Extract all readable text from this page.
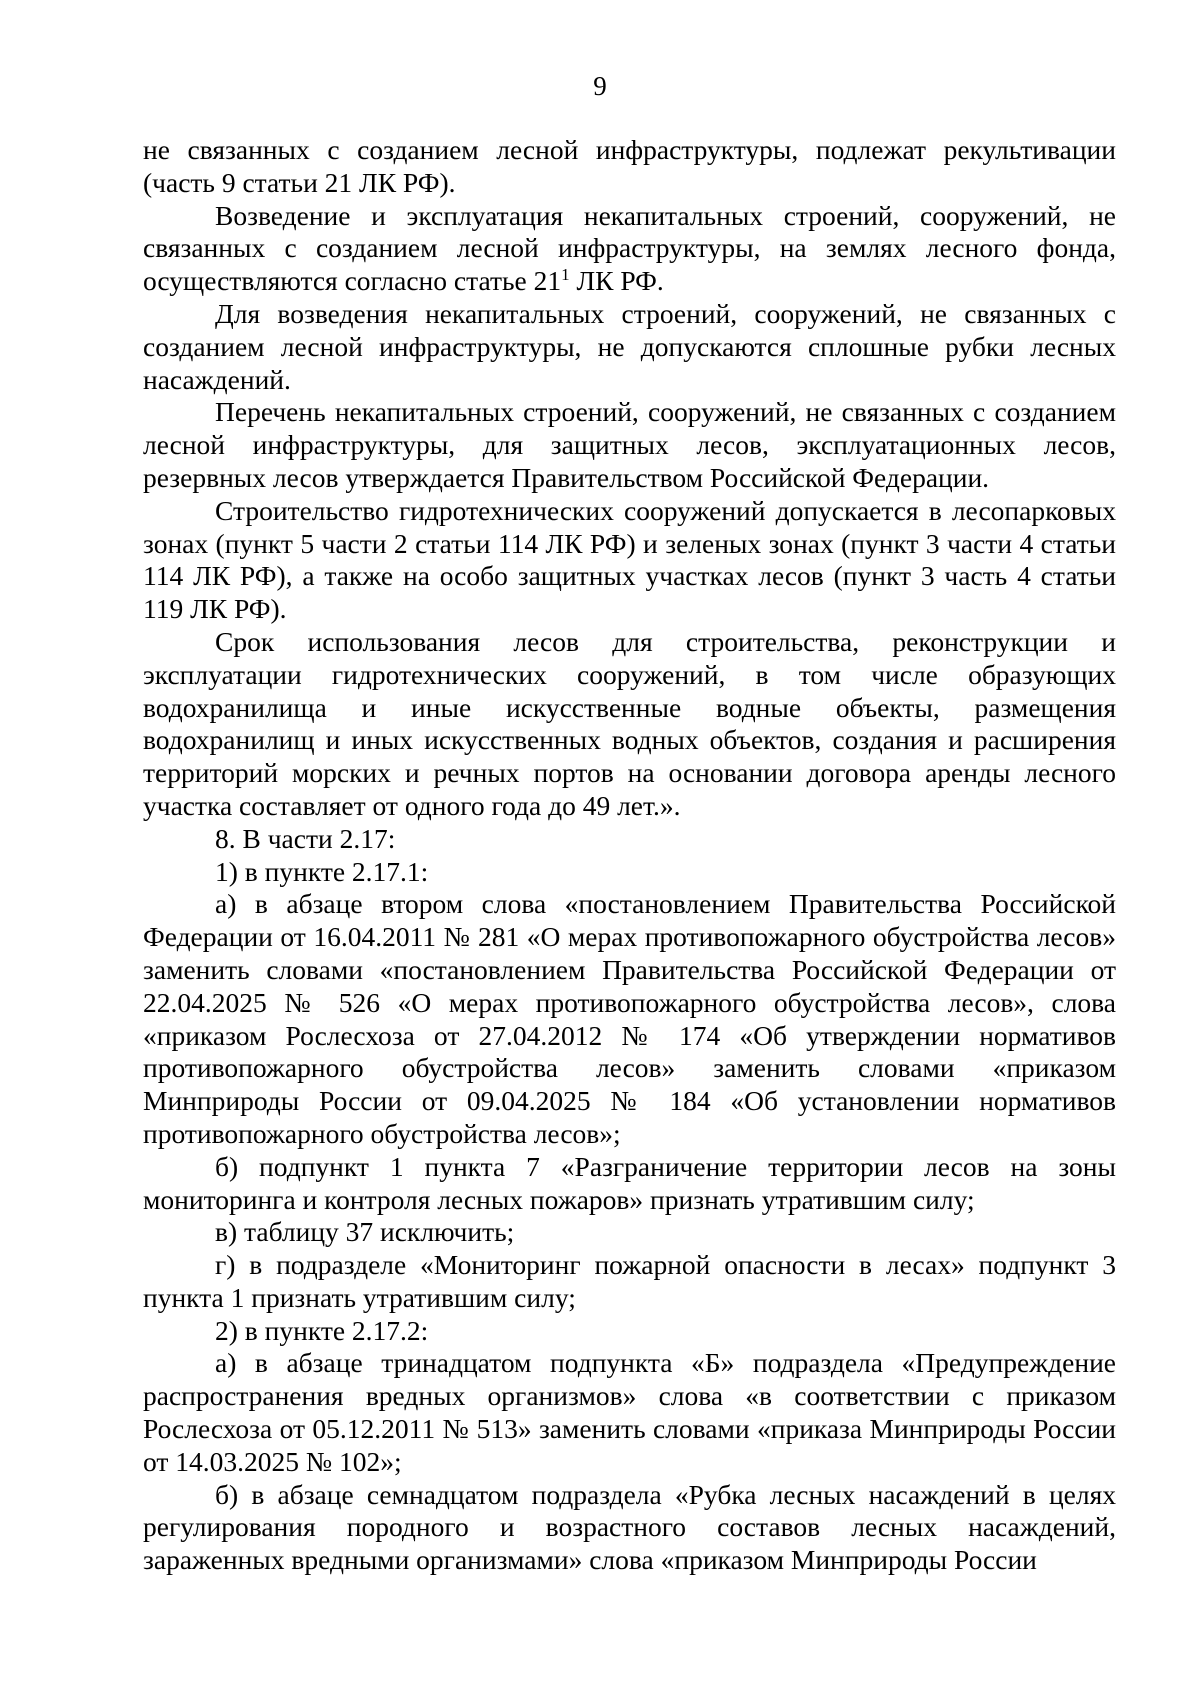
9

не связанных с созданием лесной инфраструктуры, подлежат рекультивации (часть 9 статьи 21 ЛК РФ).

Возведение и эксплуатация некапитальных строений, сооружений, не связанных с созданием лесной инфраструктуры, на землях лесного фонда, осуществляются согласно статье $21^1$ ЛК РФ.

Для возведения некапитальных строений, сооружений, не связанных с созданием лесной инфраструктуры, не допускаются сплошные рубки лесных насаждений.

Перечень некапитальных строений, сооружений, не связанных с созданием лесной инфраструктуры, для защитных лесов, эксплуатационных лесов, резервных лесов утверждается Правительством Российской Федерации.

Строительство гидротехнических сооружений допускается в лесопарковых зонах (пункт 5 части 2 статьи 114 ЛК РФ) и зеленых зонах (пункт 3 части 4 статьи 114 ЛК РФ), а также на особо защитных участках лесов (пункт 3 часть 4 статьи 119 ЛК РФ).

Срок использования лесов для строительства, реконструкции и эксплуатации гидротехнических сооружений, в том числе образующих водохранилища и иные искусственные водные объекты, размещения водохранилищ и иных искусственных водных объектов, создания и расширения территорий морских и речных портов на основании договора аренды лесного участка составляет от одного года до 49 лет.».

8. В части 2.17:

1) в пункте 2.17.1:

а) в абзаце втором слова «постановлением Правительства Российской Федерации от 16.04.2011 № 281 «О мерах противопожарного обустройства лесов» заменить словами «постановлением Правительства Российской Федерации от 22.04.2025 № 526 «О мерах противопожарного обустройства лесов», слова «приказом Рослесхоза от 27.04.2012 № 174 «Об утверждении нормативов противопожарного обустройства лесов» заменить словами «приказом Минприроды России от 09.04.2025 № 184 «Об установлении нормативов противопожарного обустройства лесов»;

б) подпункт 1 пункта 7 «Разграничение территории лесов на зоны мониторинга и контроля лесных пожаров» признать утратившим силу;

в) таблицу 37 исключить;

г) в подразделе «Мониторинг пожарной опасности в лесах» подпункт 3 пункта 1 признать утратившим силу;

2) в пункте 2.17.2:

а) в абзаце тринадцатом подпункта «Б» подраздела «Предупреждение распространения вредных организмов» слова «в соответствии с приказом Рослесхоза от 05.12.2011 № 513» заменить словами «приказа Минприроды России от 14.03.2025 № 102»;

б) в абзаце семнадцатом подраздела «Рубка лесных насаждений в целях регулирования породного и возрастного составов лесных насаждений, зараженных вредными организмами» слова «приказом Минприроды России
